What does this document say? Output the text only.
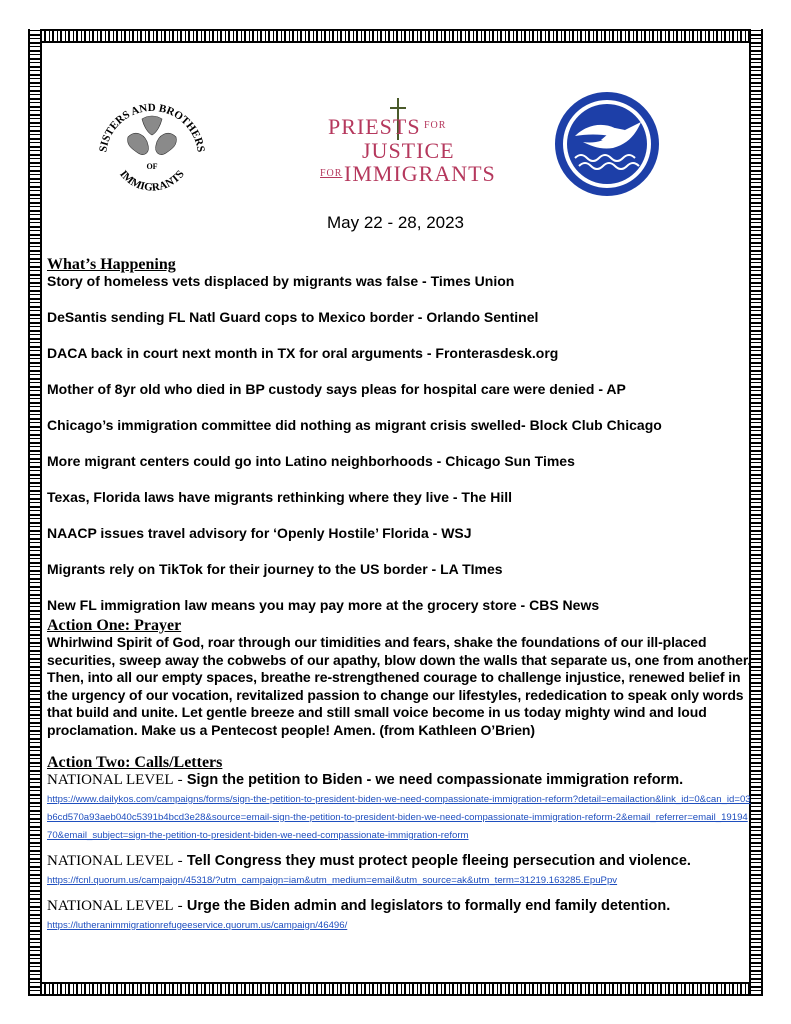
SISTERS AND BROTHERS
IMMIGRANTS
OF
PRIESTS FOR
JUSTICE
FOR IMMIGRANTS
May 22 - 28, 2023
What’s Happening

Story of homeless vets displaced by migrants was false - Times Union

DeSantis sending FL Natl Guard cops to Mexico border - Orlando Sentinel

DACA back in court next month in TX for oral arguments - Fronterasdesk.org

Mother of 8yr old who died in BP custody says pleas for hospital care were denied - AP

Chicago’s immigration committee did nothing as migrant crisis swelled- Block Club Chicago

More migrant centers could go into Latino neighborhoods - Chicago Sun Times

Texas, Florida laws have migrants rethinking where they live - The Hill

NAACP issues travel advisory for ‘Openly Hostile’ Florida - WSJ

Migrants rely on TikTok for their journey to the US border - LA TImes

New FL immigration law means you may pay more at the grocery store - CBS News

Action One: Prayer

Whirlwind Spirit of God, roar through our timidities and fears, shake the foundations of our ill-placed securities, sweep away the cobwebs of our apathy, blow down the walls that separate us, one from another. Then, into all our empty spaces, breathe re-strengthened courage to challenge injustice, renewed belief in the urgency of our vocation, revitalized passion to change our lifestyles, rededication to speak only words that build and unite. Let gentle breeze and still small voice become in us today mighty wind and loud proclamation. Make us a Pentecost people! Amen. (from Kathleen O’Brien)

Action Two: Calls/Letters
NATIONAL LEVEL - Sign the petition to Biden - we need compassionate immigration reform.
https://www.dailykos.com/campaigns/forms/sign-the-petition-to-president-biden-we-need-compassionate-immigration-reform?detail=emailaction&link_id=0&can_id=03b6cd570a93aeb040c5391b4bcd3e28&source=email-sign-the-petition-to-president-biden-we-need-compassionate-immigration-reform-2&email_referrer=email_1919470&email_subject=sign-the-petition-to-president-biden-we-need-compassionate-immigration-reform
NATIONAL LEVEL - Tell Congress they must protect people fleeing persecution and violence.
https://fcnl.quorum.us/campaign/45318/?utm_campaign=iam&utm_medium=email&utm_source=ak&utm_term=31219.163285.EpuPpv
NATIONAL LEVEL - Urge the Biden admin and legislators to formally end family detention.
https://lutheranimmigrationrefugeeservice.quorum.us/campaign/46496/
